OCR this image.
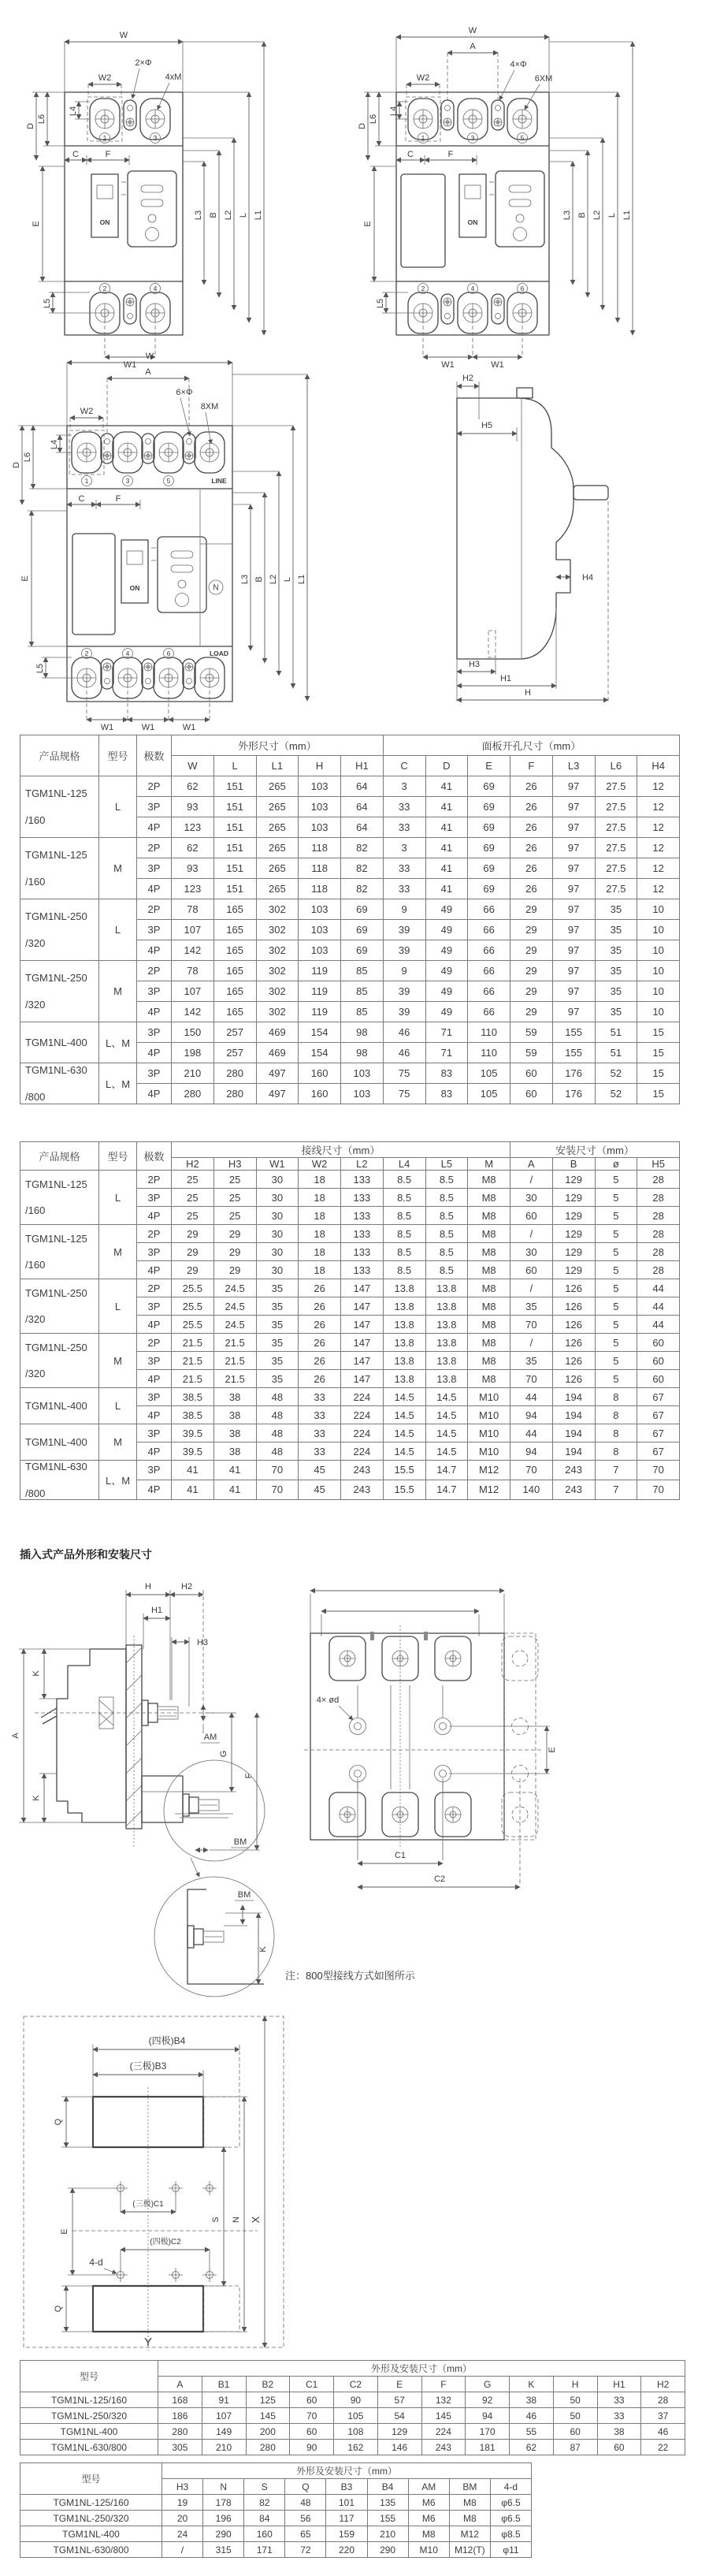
W2
1	3
2	4
W
2×Φ
4xM
D
L6
L4
C	F
E
L5
L3 B L2 L L1
W1
ON
W2
1	3	5
2	4	6
W
A
4×Φ
6XM
D
L6
L4
C	F
E
L5
L3 B L2 L L1
W1	W1
ON
W2
1	3	5	LINE
2	4	6	LOAD
W
A
6×Φ
8XM
D
L6
L4
C	F
E
L5
L3 B L2 L L1
W1	W1	W1
ON	N
H2
H5
H4
H3
H1
H
产品规格	型号	极数	外形尺寸（mm）					面板开孔尺寸（mm）						
			W	L	L1	H	H1	C	D	E	F	L3	L6	H4

TGM1NL-125
/160	L	2P	62	151	265	103	64	3	41	69	26	97	27.5	12
		3P	93	151	265	103	64	33	41	69	26	97	27.5	12
		4P	123	151	265	103	64	33	41	69	26	97	27.5	12

TGM1NL-125
/160	M	2P	62	151	265	118	82	3	41	69	26	97	27.5	12
		3P	93	151	265	118	82	33	41	69	26	97	27.5	12
		4P	123	151	265	118	82	33	41	69	26	97	27.5	12

TGM1NL-250
/320	L	2P	78	165	302	103	69	9	49	66	29	97	35	10
		3P	107	165	302	103	69	39	49	66	29	97	35	10
		4P	142	165	302	103	69	39	49	66	29	97	35	10

TGM1NL-250
/320	M	2P	78	165	302	119	85	9	49	66	29	97	35	10
		3P	107	165	302	119	85	39	49	66	29	97	35	10
		4P	142	165	302	119	85	39	49	66	29	97	35	10

TGM1NL-400	L、M	3P	150	257	469	154	98	46	71	110	59	155	51	15
		4P	198	257	469	154	98	46	71	110	59	155	51	15

TGM1NL-630
/800	L、M	3P	210	280	497	160	103	75	83	105	60	176	52	15
		4P	280	280	497	160	103	75	83	105	60	176	52	15
产品规格	型号	极数	接线尺寸（mm）								安装尺寸（mm）			
			H2	H3	W1	W2	L2	L4	L5	M	A	B	ø	H5

TGM1NL-125
/160	L	2P	25	25	30	18	133	8.5	8.5	M8	/	129	5	28
		3P	25	25	30	18	133	8.5	8.5	M8	30	129	5	28
		4P	25	25	30	18	133	8.5	8.5	M8	60	129	5	28

TGM1NL-125
/160	M	2P	29	29	30	18	133	8.5	8.5	M8	/	129	5	28
		3P	29	29	30	18	133	8.5	8.5	M8	30	129	5	28
		4P	29	29	30	18	133	8.5	8.5	M8	60	129	5	28

TGM1NL-250
/320	L	2P	25.5	24.5	35	26	147	13.8	13.8	M8	/	126	5	44
		3P	25.5	24.5	35	26	147	13.8	13.8	M8	35	126	5	44
		4P	25.5	24.5	35	26	147	13.8	13.8	M8	70	126	5	44

TGM1NL-250
/320	M	2P	21.5	21.5	35	26	147	13.8	13.8	M8	/	126	5	60
		3P	21.5	21.5	35	26	147	13.8	13.8	M8	35	126	5	60
		4P	21.5	21.5	35	26	147	13.8	13.8	M8	70	126	5	60

TGM1NL-400	L	3P	38.5	38	48	33	224	14.5	14.5	M10	44	194	8	67
		4P	38.5	38	48	33	224	14.5	14.5	M10	94	194	8	67

TGM1NL-400	M	3P	39.5	38	48	33	224	14.5	14.5	M10	44	194	8	67
		4P	39.5	38	48	33	224	14.5	14.5	M10	94	194	8	67

TGM1NL-630
/800	L、M	3P	41	41	70	45	243	15.5	14.7	M12	70	243	7	70
		4P	41	41	70	45	243	15.5	14.7	M12	140	243	7	70
插入式产品外形和安装尺寸
H	H2
H1
H3
A
K
K
AM
G
F
BM
BM
K
注：800型接线方式如图所示
4× ød
E
C1
C2
(四极)B4
(三极)B3
Q
(三极)C1
E
(四极)C2
4-d
Q
Y
S N X
型号	外形及安装尺寸（mm）											
	A	B1	B2	C1	C2	E	F	G	K	H	H1	H2
TGM1NL-125/160	168	91	125	60	90	57	132	92	38	50	33	28
TGM1NL-250/320	186	107	145	70	105	54	145	94	46	50	33	37
TGM1NL-400	280	149	200	60	108	129	224	170	55	60	38	46
TGM1NL-630/800	305	210	280	90	162	146	243	181	62	87	60	22
型号	外形及安装尺寸（mm）								
	H3	N	S	Q	B3	B4	AM	BM	4-d
TGM1NL-125/160	19	178	82	48	101	135	M6	M8	φ6.5
TGM1NL-250/320	20	196	84	56	117	155	M6	M8	φ6.5
TGM1NL-400	24	290	160	65	159	210	M8	M12	φ8.5
TGM1NL-630/800	/	315	171	72	220	290	M10	M12(T)	φ11
